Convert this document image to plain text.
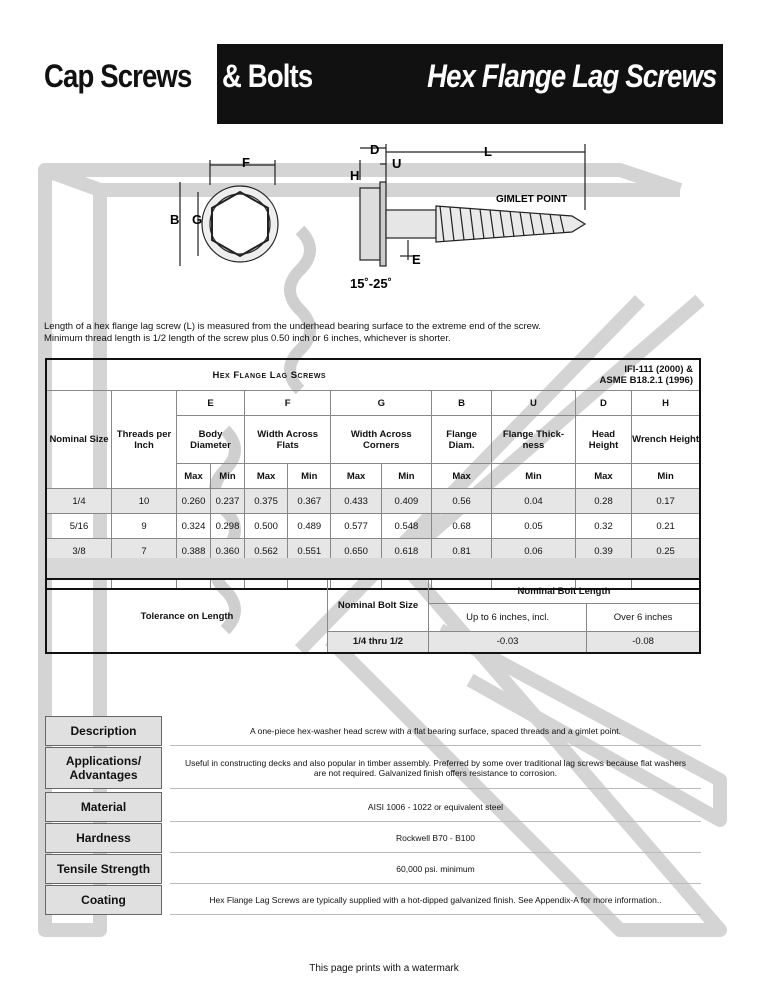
Cap Screws & Bolts	Hex Flange Lag Screws
F
B G
D
H
U
L
GIMLET POINT
E
15˚-25˚
Length of a hex flange lag screw (L) is measured from the underhead bearing surface to the extreme end of the screw.
Minimum thread length is 1/2 length of the screw plus 0.50 inch or 6 inches, whichever is shorter.
Hex Flange Lag Screws									IFI-111 (2000) &
ASME B18.2.1 (1996)		

Nominal Size	Threads per Inch	E		F		G		B	U	D	H
		Body Diameter		Width Across Flats		Width Across Corners		Flange Diam.	Flange Thick-ness	Head Height	Wrench Height
		Max	Min	Max	Min	Max	Min	Max	Min	Max	Min
1/4	10	0.260	0.237	0.375	0.367	0.433	0.409	0.56	0.04	0.28	0.17
5/16	9	0.324	0.298	0.500	0.489	0.577	0.548	0.68	0.05	0.32	0.21
3/8	7	0.388	0.360	0.562	0.551	0.650	0.618	0.81	0.06	0.39	0.25

Tolerance on Length	Nominal Bolt Size	Nominal Bolt Length	
		Up to 6 inches, incl.	Over 6 inches
	1/4 thru 1/2	-0.03	-0.08
Description		A one-piece hex-washer head screw with a flat bearing surface, spaced threads and a gimlet point.

Applications/ Advantages		Useful in constructing decks and also popular in timber assembly. Preferred by some over traditional lag screws because flat washers are not required. Galvanized finish offers resistance to corrosion.

Material		AISI 1006 - 1022 or equivalent steel

Hardness		Rockwell B70 - B100

Tensile Strength		60,000 psi. minimum

Coating		Hex Flange Lag Screws are typically supplied with a hot-dipped galvanized finish. See Appendix-A for more information..

This page prints with a watermark
